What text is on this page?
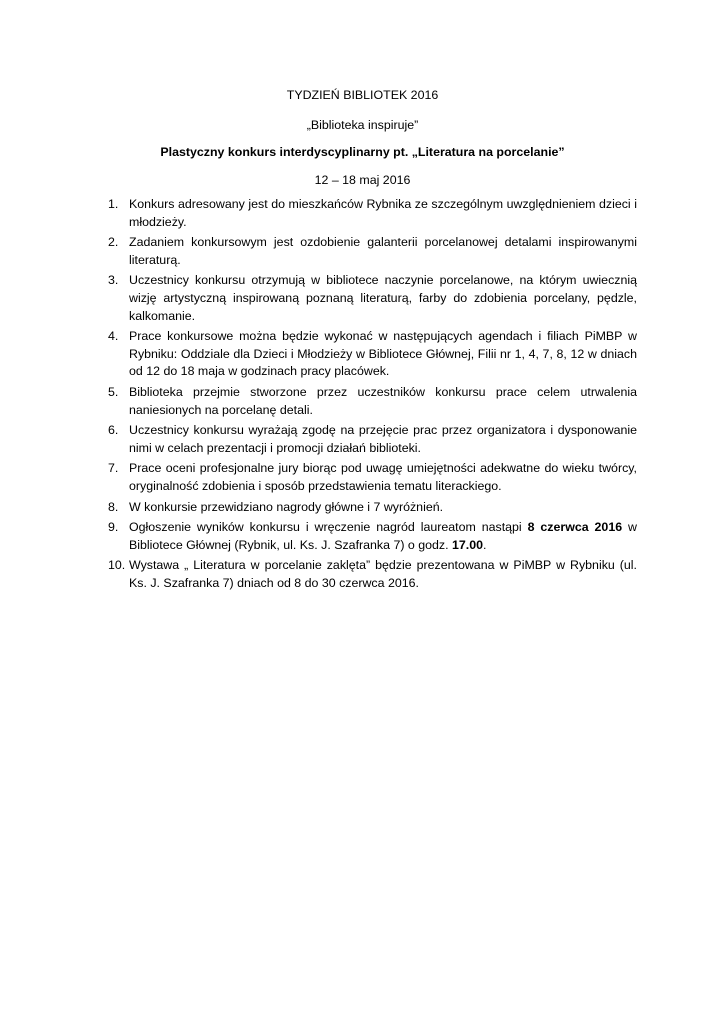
TYDZIEŃ BIBLIOTEK 2016
„Biblioteka inspiruje”
Plastyczny konkurs interdyscyplinarny pt. „Literatura na porcelanie”
12 – 18 maj 2016
1. Konkurs adresowany jest do mieszkańców Rybnika ze szczególnym uwzględnieniem dzieci i młodzieży.
2. Zadaniem konkursowym jest ozdobienie galanterii porcelanowej detalami inspirowanymi literaturą.
3. Uczestnicy konkursu otrzymują w bibliotece naczynie porcelanowe, na którym uwiecznią wizję artystyczną inspirowaną poznaną literaturą, farby do zdobienia porcelany, pędzle, kalkomanie.
4. Prace konkursowe można będzie wykonać w następujących agendach i filiach PiMBP w Rybniku: Oddziale dla Dzieci i Młodzieży w Bibliotece Głównej, Filii nr 1, 4, 7, 8, 12 w dniach od 12 do 18 maja w godzinach pracy placówek.
5. Biblioteka przejmie stworzone przez uczestników konkursu prace celem utrwalenia naniesionych na porcelanę detali.
6. Uczestnicy konkursu wyrażają zgodę na przejęcie prac przez organizatora i dysponowanie nimi w celach prezentacji i promocji działań biblioteki.
7. Prace oceni profesjonalne jury biorąc pod uwagę umiejętności adekwatne do wieku twórcy, oryginalność zdobienia i sposób przedstawienia tematu literackiego.
8. W konkursie przewidziano nagrody główne i 7 wyróżnień.
9. Ogłoszenie wyników konkursu i wręczenie nagród laureatom nastąpi 8 czerwca 2016 w Bibliotece Głównej (Rybnik, ul. Ks. J. Szafranka 7) o godz. 17.00.
10. Wystawa „ Literatura w porcelanie zaklęta” będzie prezentowana w PiMBP w Rybniku (ul. Ks. J. Szafranka 7) dniach od 8 do 30 czerwca 2016.
